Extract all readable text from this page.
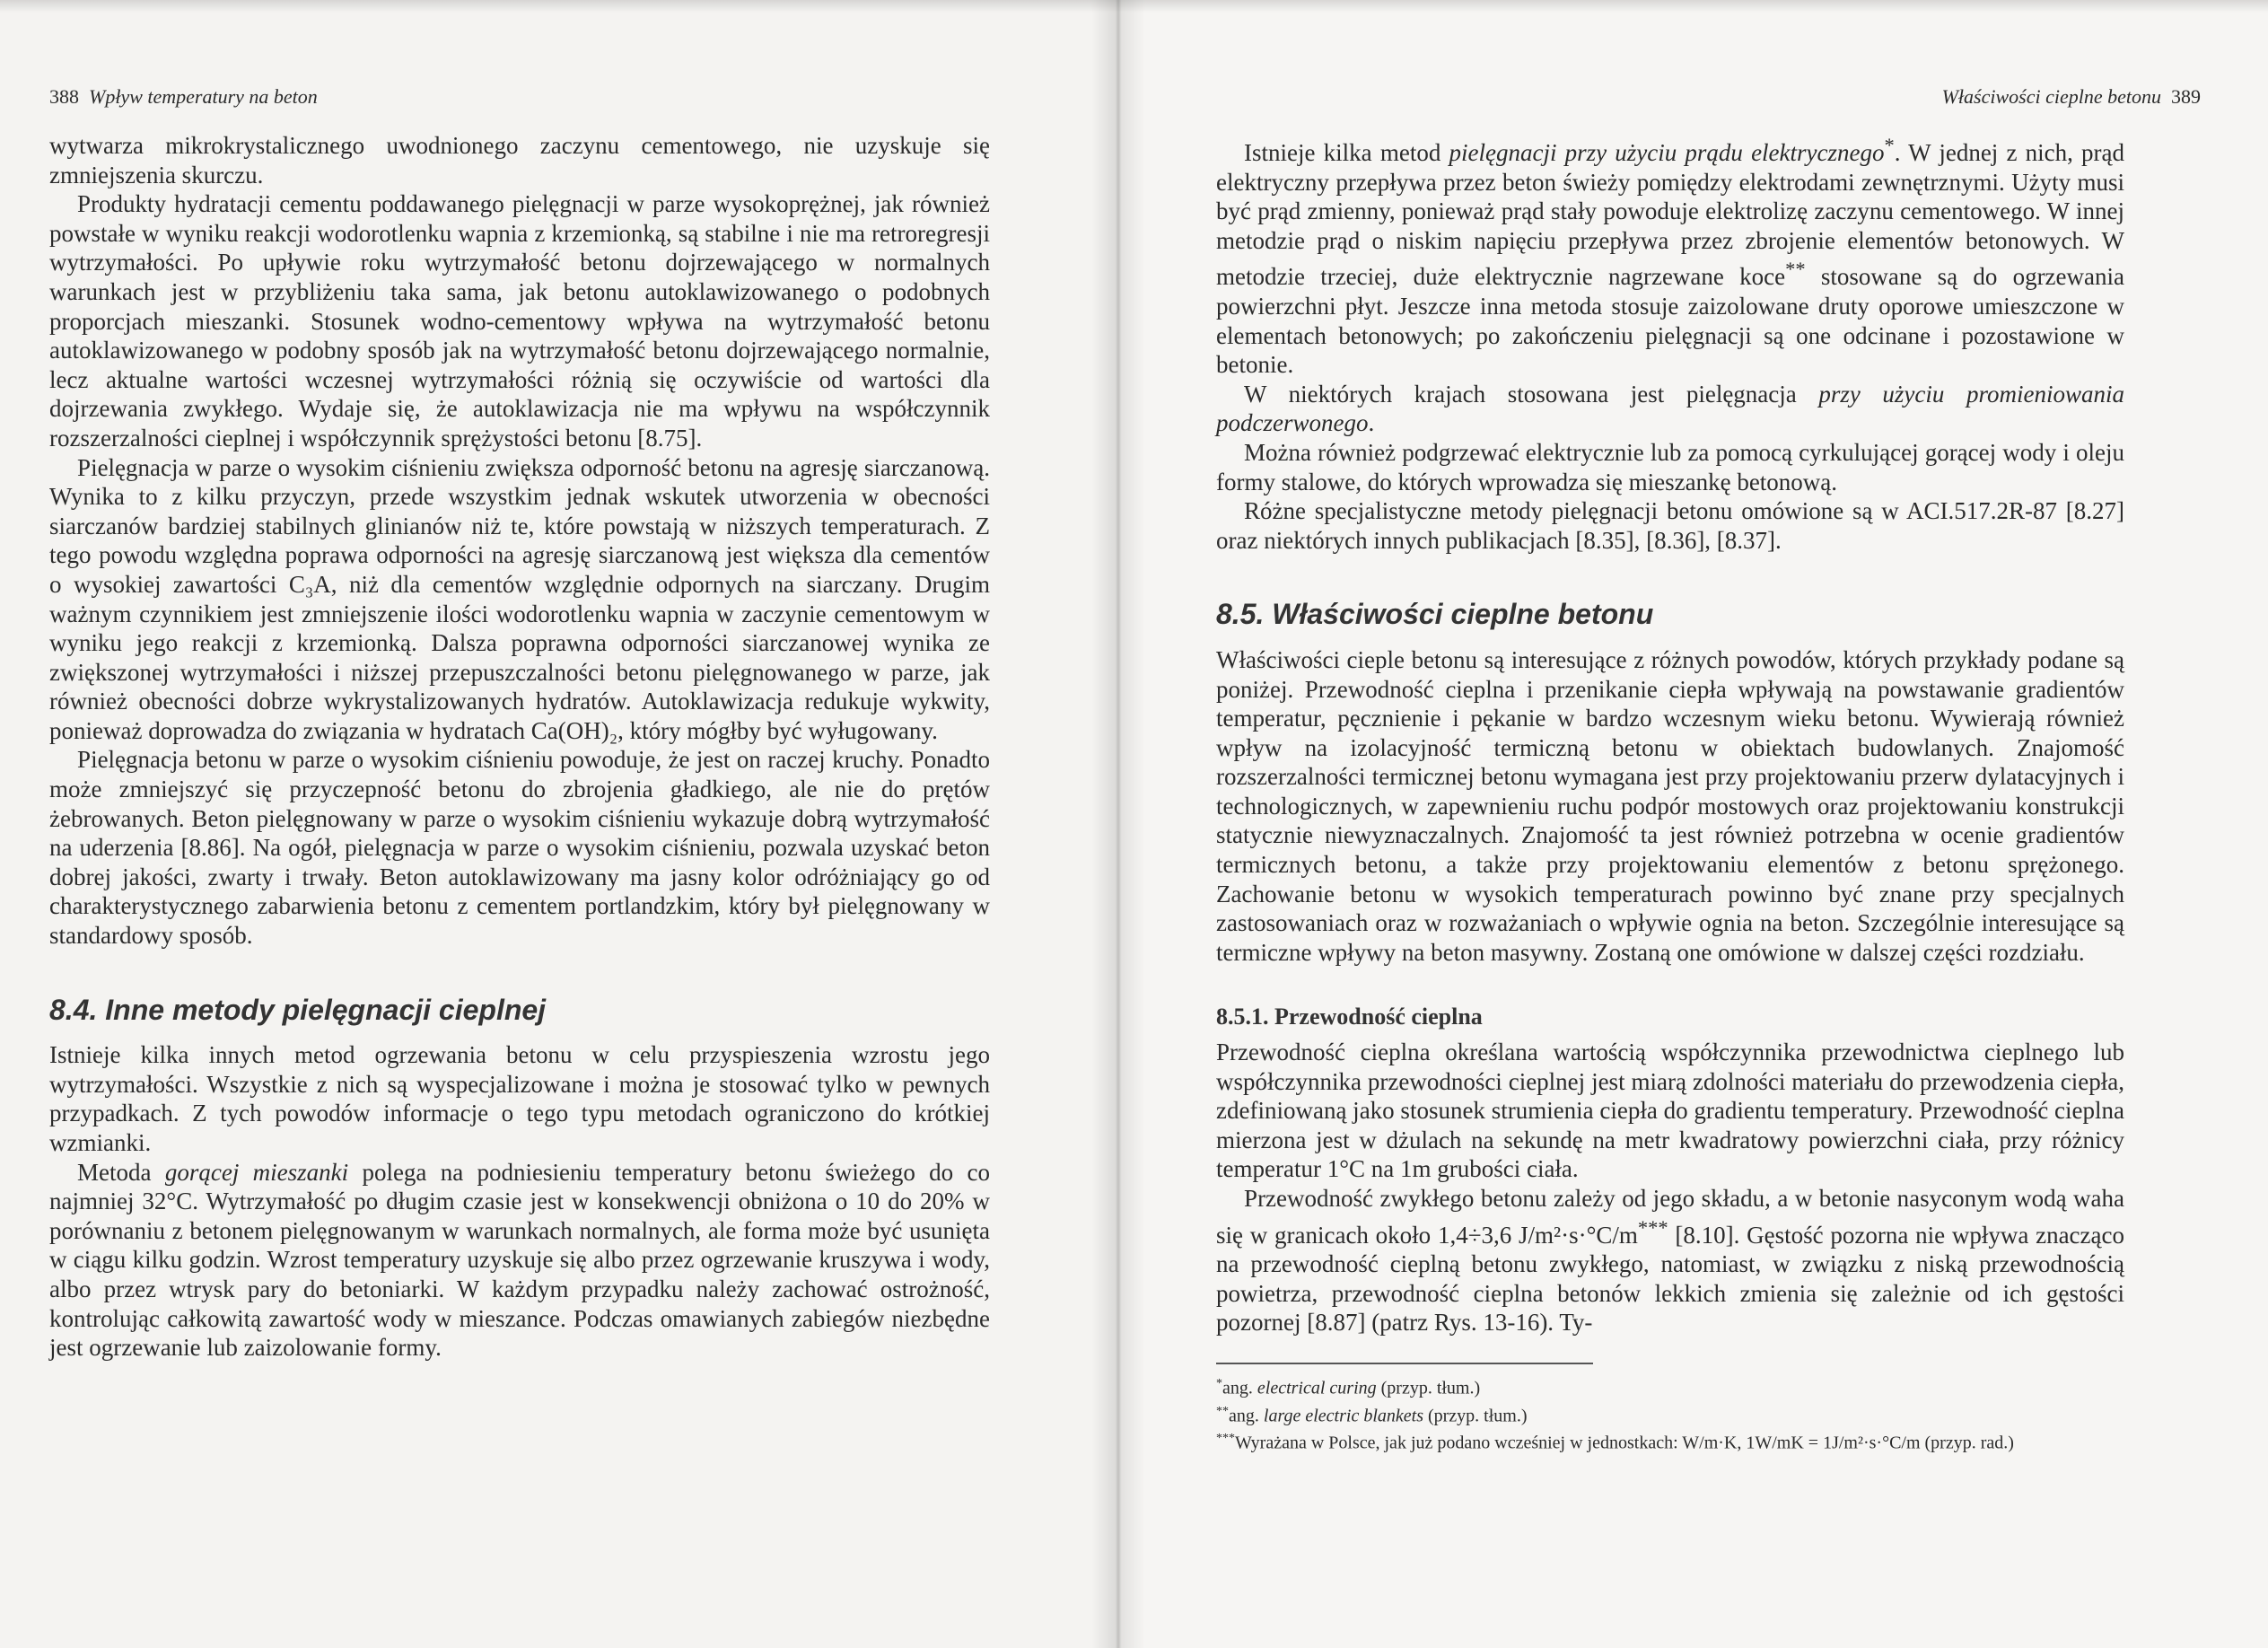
388 Wpływ temperatury na beton

wytwarza mikrokrystalicznego uwodnionego zaczynu cementowego, nie uzyskuje się zmniejszenia skurczu.

Produkty hydratacji cementu poddawanego pielęgnacji w parze wysokoprężnej, jak również powstałe w wyniku reakcji wodorotlenku wapnia z krzemionką, są stabilne i nie ma retroregresji wytrzymałości. Po upływie roku wytrzymałość betonu dojrzewającego w normalnych warunkach jest w przybliżeniu taka sama, jak betonu autoklawizowanego o podobnych proporcjach mieszanki. Stosunek wodno-cementowy wpływa na wytrzymałość betonu autoklawizowanego w podobny sposób jak na wytrzymałość betonu dojrzewającego normalnie, lecz aktualne wartości wczesnej wytrzymałości różnią się oczywiście od wartości dla dojrzewania zwykłego. Wydaje się, że autoklawizacja nie ma wpływu na współczynnik rozszerzalności cieplnej i współczynnik sprężystości betonu [8.75].

Pielęgnacja w parze o wysokim ciśnieniu zwiększa odporność betonu na agresję siarczanową. Wynika to z kilku przyczyn, przede wszystkim jednak wskutek utworzenia w obecności siarczanów bardziej stabilnych glinianów niż te, które powstają w niższych temperaturach. Z tego powodu względna poprawa odporności na agresję siarczanową jest większa dla cementów o wysokiej zawartości C₃A, niż dla cementów względnie odpornych na siarczany. Drugim ważnym czynnikiem jest zmniejszenie ilości wodorotlenku wapnia w zaczynie cementowym w wyniku jego reakcji z krzemionką. Dalsza poprawna odporności siarczanowej wynika ze zwiększonej wytrzymałości i niższej przepuszczalności betonu pielęgnowanego w parze, jak również obecności dobrze wykrystalizowanych hydratów. Autoklawizacja redukuje wykwity, ponieważ doprowadza do związania w hydratach Ca(OH)₂, który mógłby być wyługowany.

Pielęgnacja betonu w parze o wysokim ciśnieniu powoduje, że jest on raczej kruchy. Ponadto może zmniejszyć się przyczepność betonu do zbrojenia gładkiego, ale nie do prętów żebrowanych. Beton pielęgnowany w parze o wysokim ciśnieniu wykazuje dobrą wytrzymałość na uderzenia [8.86]. Na ogół, pielęgnacja w parze o wysokim ciśnieniu, pozwala uzyskać beton dobrej jakości, zwarty i trwały. Beton autoklawizowany ma jasny kolor odróżniający go od charakterystycznego zabarwienia betonu z cementem portlandzkim, który był pielęgnowany w standardowy sposób.

8.4. Inne metody pielęgnacji cieplnej

Istnieje kilka innych metod ogrzewania betonu w celu przyspieszenia wzrostu jego wytrzymałości. Wszystkie z nich są wyspecjalizowane i można je stosować tylko w pewnych przypadkach. Z tych powodów informacje o tego typu metodach ograniczono do krótkiej wzmianki.

Metoda gorącej mieszanki polega na podniesieniu temperatury betonu świeżego do co najmniej 32°C. Wytrzymałość po długim czasie jest w konsekwencji obniżona o 10 do 20% w porównaniu z betonem pielęgnowanym w warunkach normalnych, ale forma może być usunięta w ciągu kilku godzin. Wzrost temperatury uzyskuje się albo przez ogrzewanie kruszywa i wody, albo przez wtrysk pary do betoniarki. W każdym przypadku należy zachować ostrożność, kontrolując całkowitą zawartość wody w mieszance. Podczas omawianych zabiegów niezbędne jest ogrzewanie lub zaizolowanie formy.

Właściwości cieplne betonu 389

Istnieje kilka metod pielęgnacji przy użyciu prądu elektrycznego*. W jednej z nich, prąd elektryczny przepływa przez beton świeży pomiędzy elektrodami zewnętrznymi. Użyty musi być prąd zmienny, ponieważ prąd stały powoduje elektrolizę zaczynu cementowego. W innej metodzie prąd o niskim napięciu przepływa przez zbrojenie elementów betonowych. W metodzie trzeciej, duże elektrycznie nagrzewane koce** stosowane są do ogrzewania powierzchni płyt. Jeszcze inna metoda stosuje zaizolowane druty oporowe umieszczone w elementach betonowych; po zakończeniu pielęgnacji są one odcinane i pozostawione w betonie.

W niektórych krajach stosowana jest pielęgnacja przy użyciu promieniowania podczerwonego.

Można również podgrzewać elektrycznie lub za pomocą cyrkulującej gorącej wody i oleju formy stalowe, do których wprowadza się mieszankę betonową.

Różne specjalistyczne metody pielęgnacji betonu omówione są w ACI.517.2R-87 [8.27] oraz niektórych innych publikacjach [8.35], [8.36], [8.37].

8.5. Właściwości cieplne betonu

Właściwości cieple betonu są interesujące z różnych powodów, których przykłady podane są poniżej. Przewodność cieplna i przenikanie ciepła wpływają na powstawanie gradientów temperatur, pęcznienie i pękanie w bardzo wczesnym wieku betonu. Wywierają również wpływ na izolacyjność termiczną betonu w obiektach budowlanych. Znajomość rozszerzalności termicznej betonu wymagana jest przy projektowaniu przerw dylatacyjnych i technologicznych, w zapewnieniu ruchu podpór mostowych oraz projektowaniu konstrukcji statycznie niewyznaczalnych. Znajomość ta jest również potrzebna w ocenie gradientów termicznych betonu, a także przy projektowaniu elementów z betonu sprężonego. Zachowanie betonu w wysokich temperaturach powinno być znane przy specjalnych zastosowaniach oraz w rozważaniach o wpływie ognia na beton. Szczególnie interesujące są termiczne wpływy na beton masywny. Zostaną one omówione w dalszej części rozdziału.

8.5.1. Przewodność cieplna

Przewodność cieplna określana wartością współczynnika przewodnictwa cieplnego lub współczynnika przewodności cieplnej jest miarą zdolności materiału do przewodzenia ciepła, zdefiniowaną jako stosunek strumienia ciepła do gradientu temperatury. Przewodność cieplna mierzona jest w dżulach na sekundę na metr kwadratowy powierzchni ciała, przy różnicy temperatur 1°C na 1m grubości ciała.

Przewodność zwykłego betonu zależy od jego składu, a w betonie nasyconym wodą waha się w granicach około 1,4÷3,6 J/m²·s·°C/m*** [8.10]. Gęstość pozorna nie wpływa znacząco na przewodność cieplną betonu zwykłego, natomiast, w związku z niską przewodnością powietrza, przewodność cieplna betonów lekkich zmienia się zależnie od ich gęstości pozornej [8.87] (patrz Rys. 13-16). Ty-

*ang. electrical curing (przyp. tłum.)

**ang. large electric blankets (przyp. tłum.)

***Wyrażana w Polsce, jak już podano wcześniej w jednostkach: W/m·K, 1W/mK = 1J/m²·s·°C/m (przyp. rad.)
